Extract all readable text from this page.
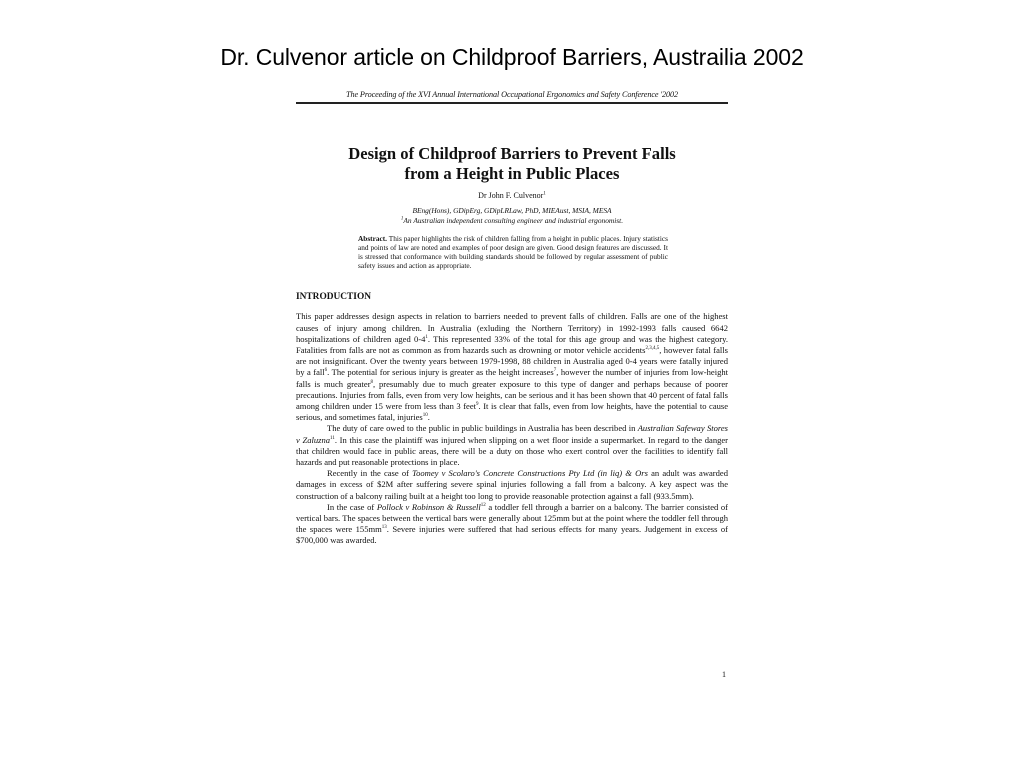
Dr. Culvenor article on Childproof Barriers, Austrailia 2002
The Proceeding of the XVI Annual International Occupational Ergonomics and Safety Conference '2002
Design of Childproof Barriers to Prevent Falls
from a Height in Public Places
Dr John F. Culvenor$^1$
BEng(Hons), GDipErg, GDipLRLaw, PhD, MIEAust, MSIA, MESA
$^1$An Australian independent consulting engineer and industrial ergonomist.
Abstract. This paper highlights the risk of children falling from a height in public places. Injury statistics and points of law are noted and examples of poor design are given. Good design features are discussed. It is stressed that conformance with building standards should be followed by regular assessment of public safety issues and action as appropriate.
INTRODUCTION

This paper addresses design aspects in relation to barriers needed to prevent falls of children. Falls are one of the highest causes of injury among children. In Australia (exluding the Northern Territory) in 1992-1993 falls caused 6642 hospitalizations of children aged $0-4^1$. This represented 33% of the total for this age group and was the highest category. Fatalities from falls are not as common as from hazards such as drowning or motor vehicle accidents$^{2,3,4,5}$, however fatal falls are not insignificant. Over the twenty years between 1979-1998, 88 children in Australia aged 0-4 years were fatally injured by a fall$^6$. The potential for serious injury is greater as the height increases$^7$, however the number of injuries from low-height falls is much greater$^8$, presumably due to much greater exposure to this type of danger and perhaps because of poorer precautions. Injuries from falls, even from very low heights, can be serious and it has been shown that 40 percent of fatal falls among children under 15 were from less than 3 feet$^9$. It is clear that falls, even from low heights, have the potential to cause serious, and sometimes fatal, injuries$^{10}$.

The duty of care owed to the public in public buildings in Australia has been described in Australian Safeway Stores v Zaluzna$^{11}$. In this case the plaintiff was injured when slipping on a wet floor inside a supermarket. In regard to the danger that children would face in public areas, there will be a duty on those who exert control over the facilities to identify fall hazards and put reasonable protections in place.

Recently in the case of Toomey v Scolaro's Concrete Constructions Pty Ltd (in liq) & Ors an adult was awarded damages in excess of $2M after suffering severe spinal injuries following a fall from a balcony. A key aspect was the construction of a balcony railing built at a height too long to provide reasonable protection against a fall (933.5mm).

In the case of Pollock v Robinson & Russell$^{12}$ a toddler fell through a barrier on a balcony. The barrier consisted of vertical bars. The spaces between the vertical bars were generally about 125mm but at the point where the toddler fell through the spaces were $155mm^{13}$. Severe injuries were suffered that had serious effects for many years. Judgement in excess of $700,000 was awarded.

1
